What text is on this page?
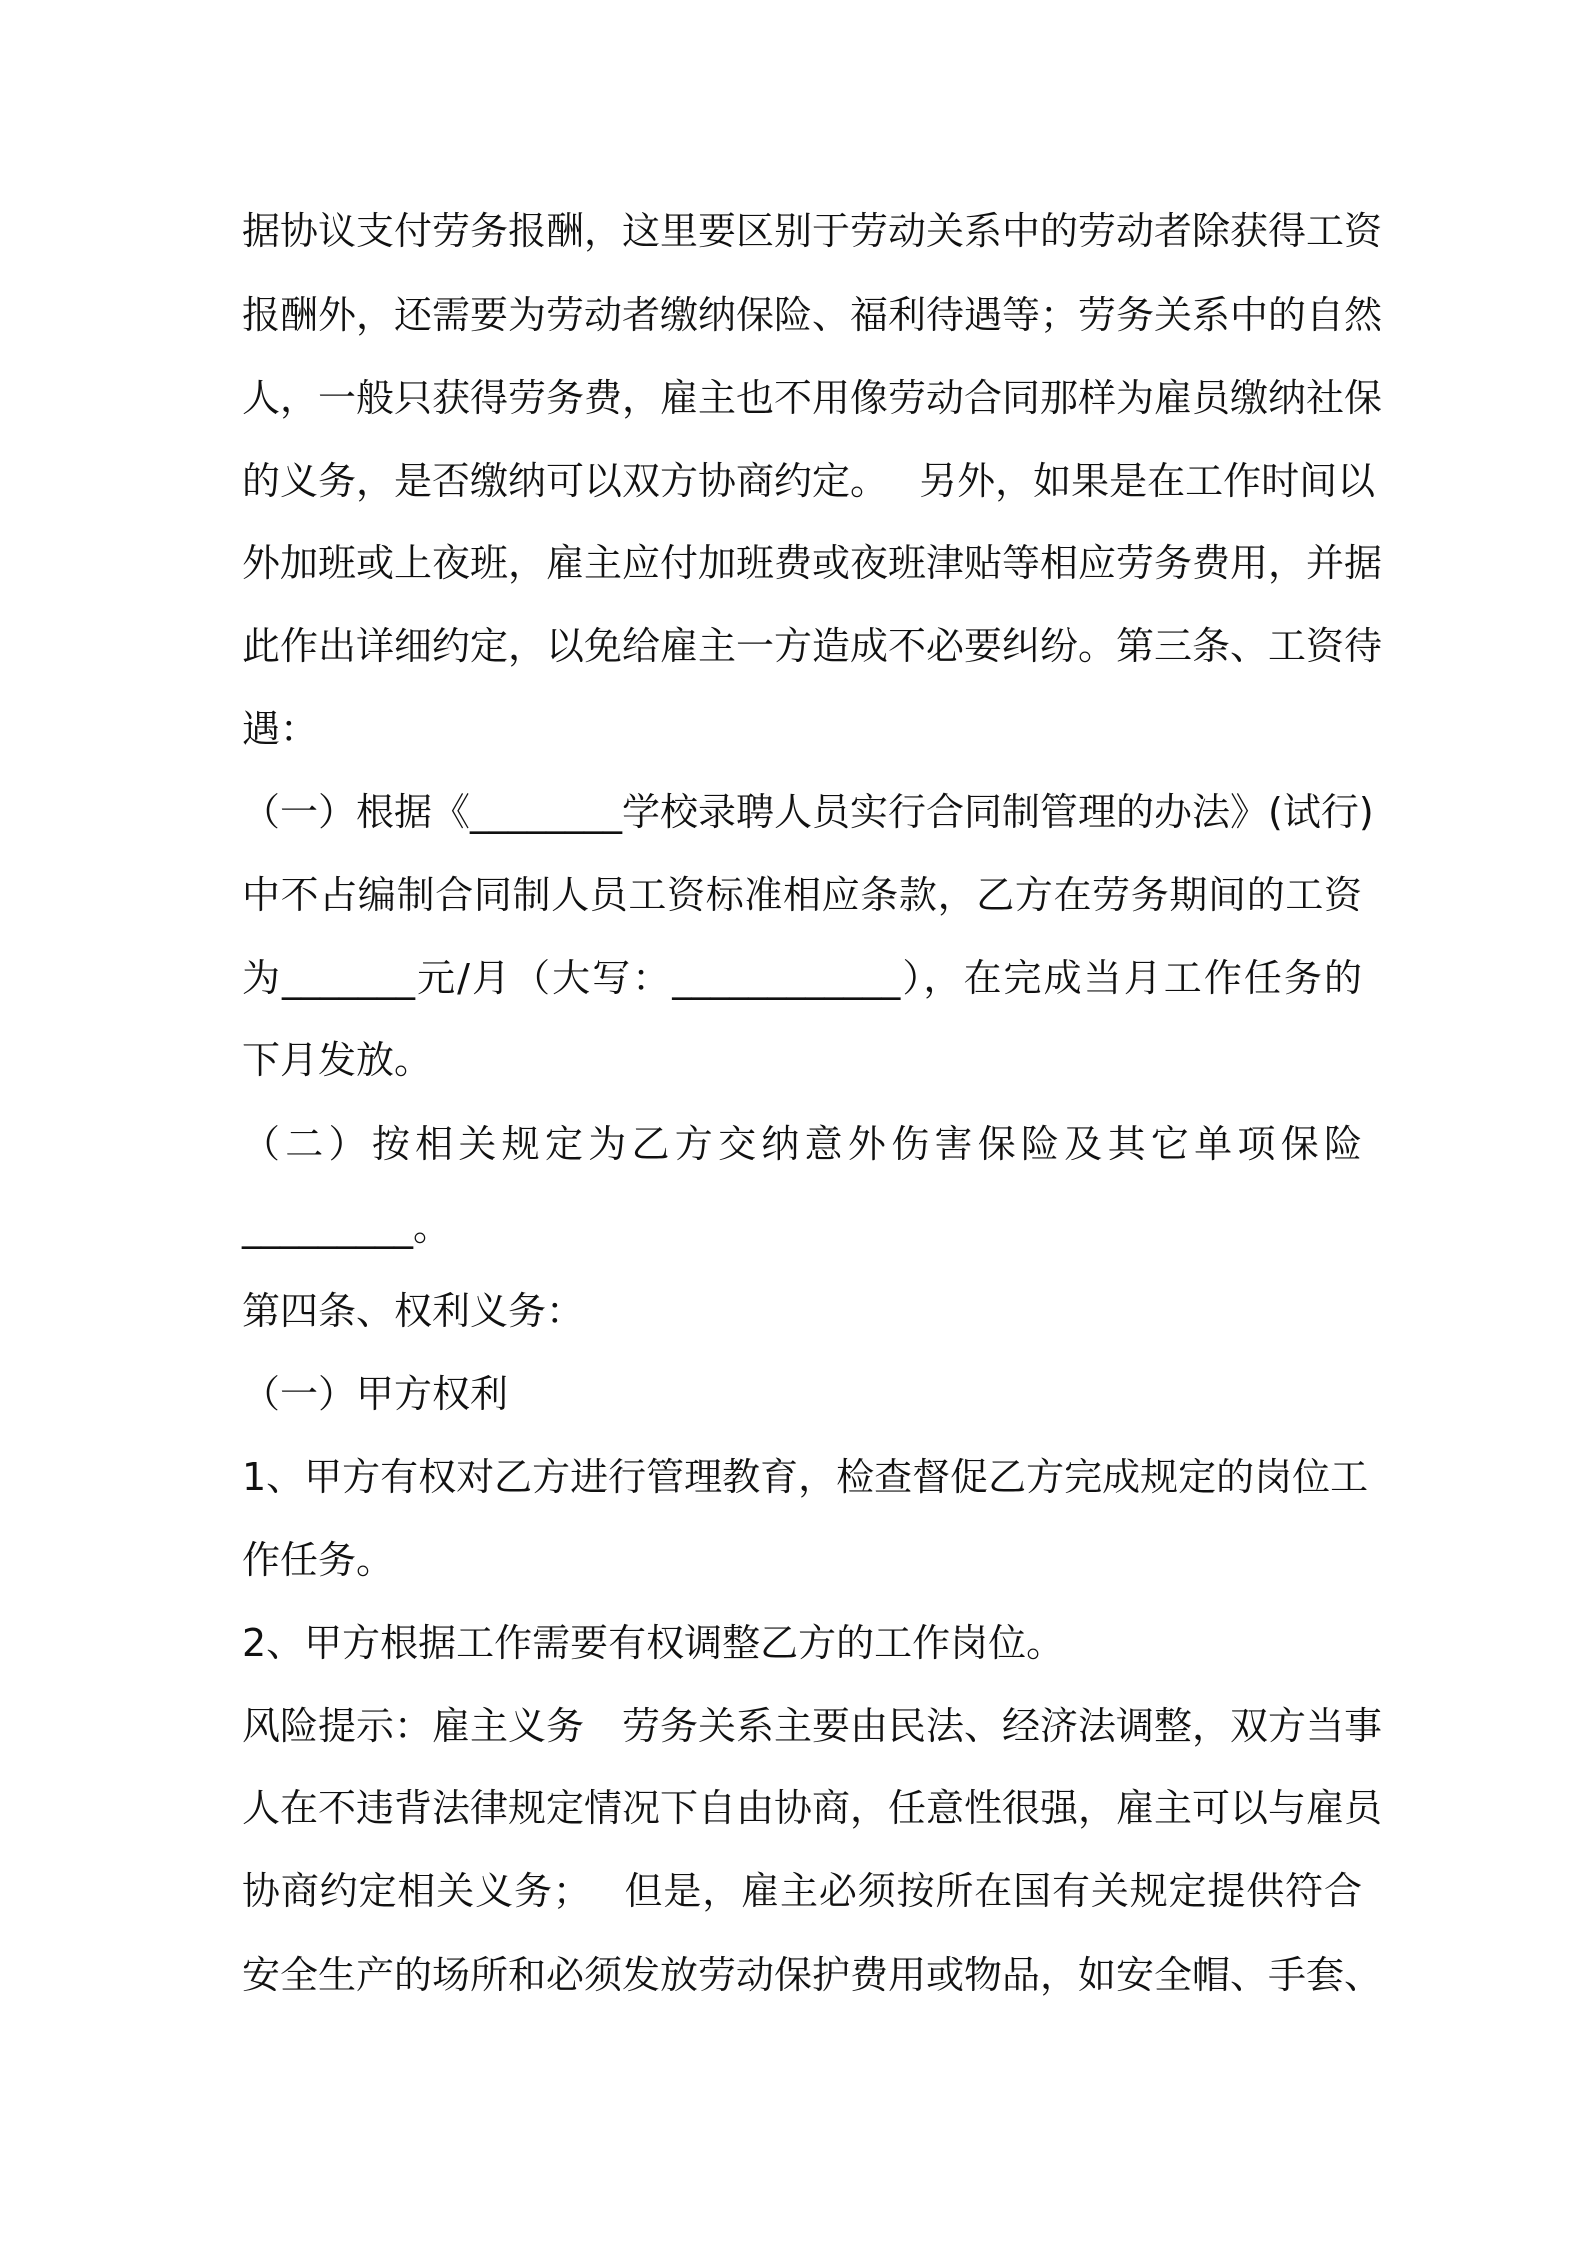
据协议支付劳务报酬，这里要区别于劳动关系中的劳动者除获得工资
报酬外，还需要为劳动者缴纳保险、福利待遇等；劳务关系中的自然
人，一般只获得劳务费，雇主也不用像劳动合同那样为雇员缴纳社保
的义务，是否缴纳可以双方协商约定。　 另外，如果是在工作时间以
外加班或上夜班，雇主应付加班费或夜班津贴等相应劳务费用，并据
此作出详细约定，以免给雇主一方造成不必要纠纷。第三条、工资待
遇：
（一）根据《________学校录聘人员实行合同制管理的办法》(试行)
中不占编制合同制人员工资标准相应条款，乙方在劳务期间的工资
为_______元/月（大写：____________），在完成当月工作任务的
下月发放。
（二）按相关规定为乙方交纳意外伤害保险及其它单项保险
_________。
第四条、权利义务：
（一）甲方权利
1、甲方有权对乙方进行管理教育，检查督促乙方完成规定的岗位工
作任务。
2、甲方根据工作需要有权调整乙方的工作岗位。
风险提示：雇主义务　劳务关系主要由民法、经济法调整，双方当事
人在不违背法律规定情况下自由协商，任意性很强，雇主可以与雇员
协商约定相关义务；　 但是，雇主必须按所在国有关规定提供符合
安全生产的场所和必须发放劳动保护费用或物品，如安全帽、手套、
